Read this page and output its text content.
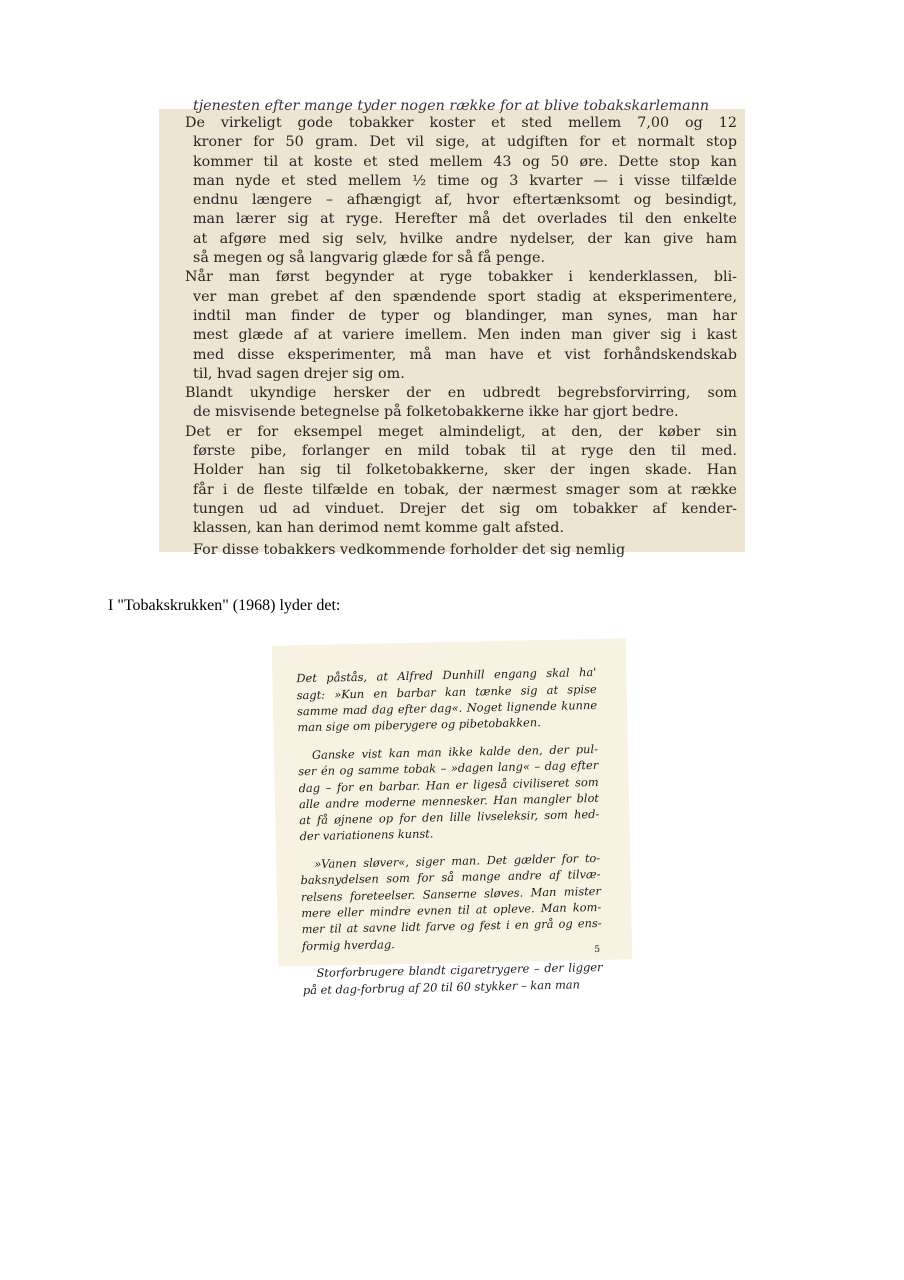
tjenesten efter mange tyder nogen række for at blive tobakskarlemann

De virkeligt gode tobakker koster et sted mellem 7,00 og 12
kroner for 50 gram. Det vil sige, at udgiften for et normalt stop
kommer til at koste et sted mellem 43 og 50 øre. Dette stop kan
man nyde et sted mellem ½ time og 3 kvarter — i visse tilfælde
endnu længere – afhængigt af, hvor eftertænksomt og besindigt,
man lærer sig at ryge. Herefter må det overlades til den enkelte
at afgøre med sig selv, hvilke andre nydelser, der kan give ham
så megen og så langvarig glæde for så få penge.

Når man først begynder at ryge tobakker i kenderklassen, bli-
ver man grebet af den spændende sport stadig at eksperimentere,
indtil man finder de typer og blandinger, man synes, man har
mest glæde af at variere imellem. Men inden man giver sig i kast
med disse eksperimenter, må man have et vist forhåndskendskab
til, hvad sagen drejer sig om.

Blandt ukyndige hersker der en udbredt begrebsforvirring, som
de misvisende betegnelse på folketobakkerne ikke har gjort bedre.

Det er for eksempel meget almindeligt, at den, der køber sin
første pibe, forlanger en mild tobak til at ryge den til med.
Holder han sig til folketobakkerne, sker der ingen skade. Han
får i de fleste tilfælde en tobak, der nærmest smager som at række
tungen ud ad vinduet. Drejer det sig om tobakker af kender-
klassen, kan han derimod nemt komme galt afsted.

For disse tobakkers vedkommende forholder det sig nemlig
I "Tobakskrukken" (1968) lyder det:

Det påstås, at Alfred Dunhill engang skal ha'
sagt: »Kun en barbar kan tænke sig at spise
samme mad dag efter dag«. Noget lignende kunne
man sige om piberygere og pibetobakken.

Ganske vist kan man ikke kalde den, der pul-
ser én og samme tobak – »dagen lang« – dag efter
dag – for en barbar. Han er ligeså civiliseret som
alle andre moderne mennesker. Han mangler blot
at få øjnene op for den lille livseleksir, som hed-
der variationens kunst.

»Vanen sløver«, siger man. Det gælder for to-
baksnydelsen som for så mange andre af tilvæ-
relsens foreteelser. Sanserne sløves. Man mister
mere eller mindre evnen til at opleve. Man kom-
mer til at savne lidt farve og fest i en grå og ens-
formig hverdag.

Storforbrugere blandt cigaretrygere – der ligger
på et dag-forbrug af 20 til 60 stykker – kan man

5
